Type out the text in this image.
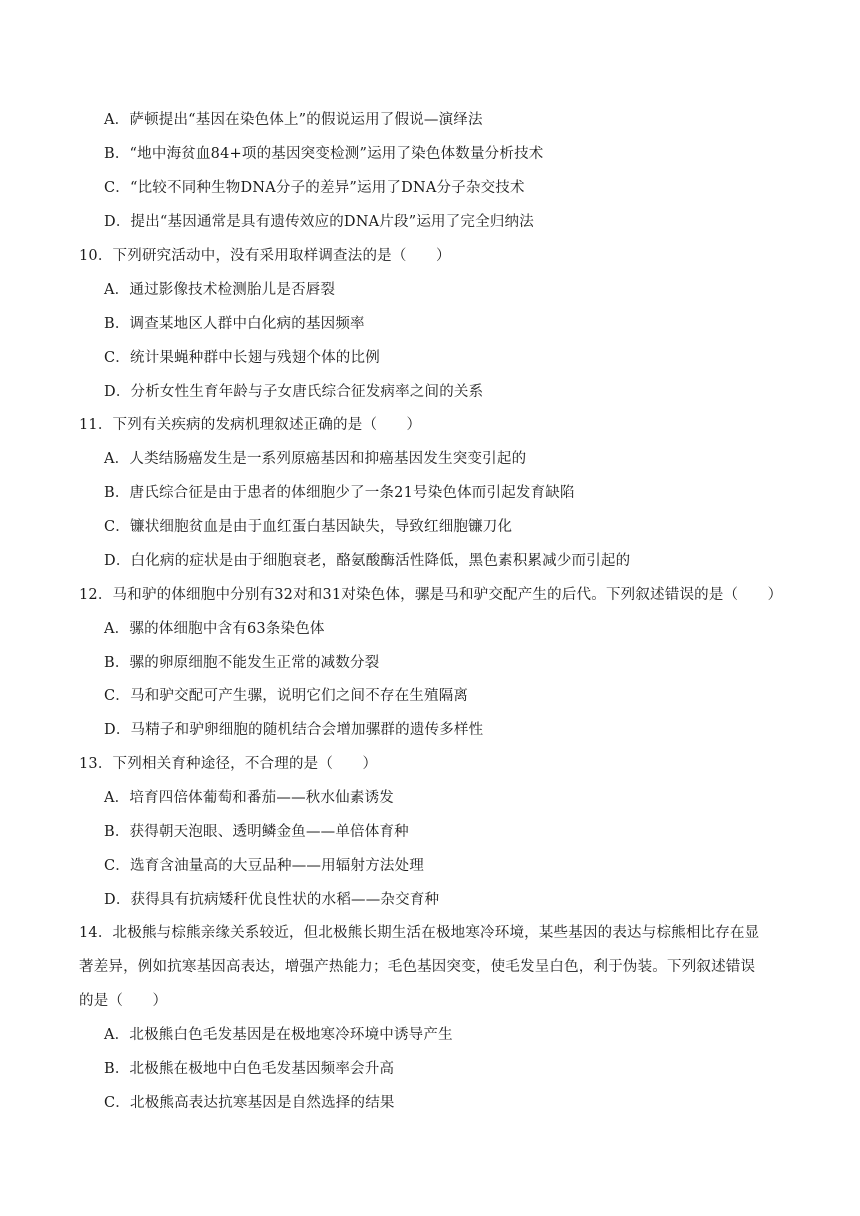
A．萨顿提出“基因在染色体上”的假说运用了假说—演绎法
B．“地中海贫血84+项的基因突变检测”运用了染色体数量分析技术
C．“比较不同种生物DNA分子的差异”运用了DNA分子杂交技术
D．提出“基因通常是具有遗传效应的DNA片段”运用了完全归纳法
10．下列研究活动中，没有采用取样调查法的是（　　）
A．通过影像技术检测胎儿是否唇裂
B．调查某地区人群中白化病的基因频率
C．统计果蝇种群中长翅与残翅个体的比例
D．分析女性生育年龄与子女唐氏综合征发病率之间的关系
11．下列有关疾病的发病机理叙述正确的是（　　）
A．人类结肠癌发生是一系列原癌基因和抑癌基因发生突变引起的
B．唐氏综合征是由于患者的体细胞少了一条21号染色体而引起发育缺陷
C．镰状细胞贫血是由于血红蛋白基因缺失，导致红细胞镰刀化
D．白化病的症状是由于细胞衰老，酪氨酸酶活性降低，黑色素积累减少而引起的
12．马和驴的体细胞中分别有32对和31对染色体，骡是马和驴交配产生的后代。下列叙述错误的是（　　）
A．骡的体细胞中含有63条染色体
B．骡的卵原细胞不能发生正常的减数分裂
C．马和驴交配可产生骡，说明它们之间不存在生殖隔离
D．马精子和驴卵细胞的随机结合会增加骡群的遗传多样性
13．下列相关育种途径，不合理的是（　　）
A．培育四倍体葡萄和番茄——秋水仙素诱发
B．获得朝天泡眼、透明鳞金鱼——单倍体育种
C．选育含油量高的大豆品种——用辐射方法处理
D．获得具有抗病矮秆优良性状的水稻——杂交育种
14．北极熊与棕熊亲缘关系较近，但北极熊长期生活在极地寒冷环境，某些基因的表达与棕熊相比存在显
著差异，例如抗寒基因高表达，增强产热能力；毛色基因突变，使毛发呈白色，利于伪装。下列叙述错误
的是（　　）
A．北极熊白色毛发基因是在极地寒冷环境中诱导产生
B．北极熊在极地中白色毛发基因频率会升高
C．北极熊高表达抗寒基因是自然选择的结果
